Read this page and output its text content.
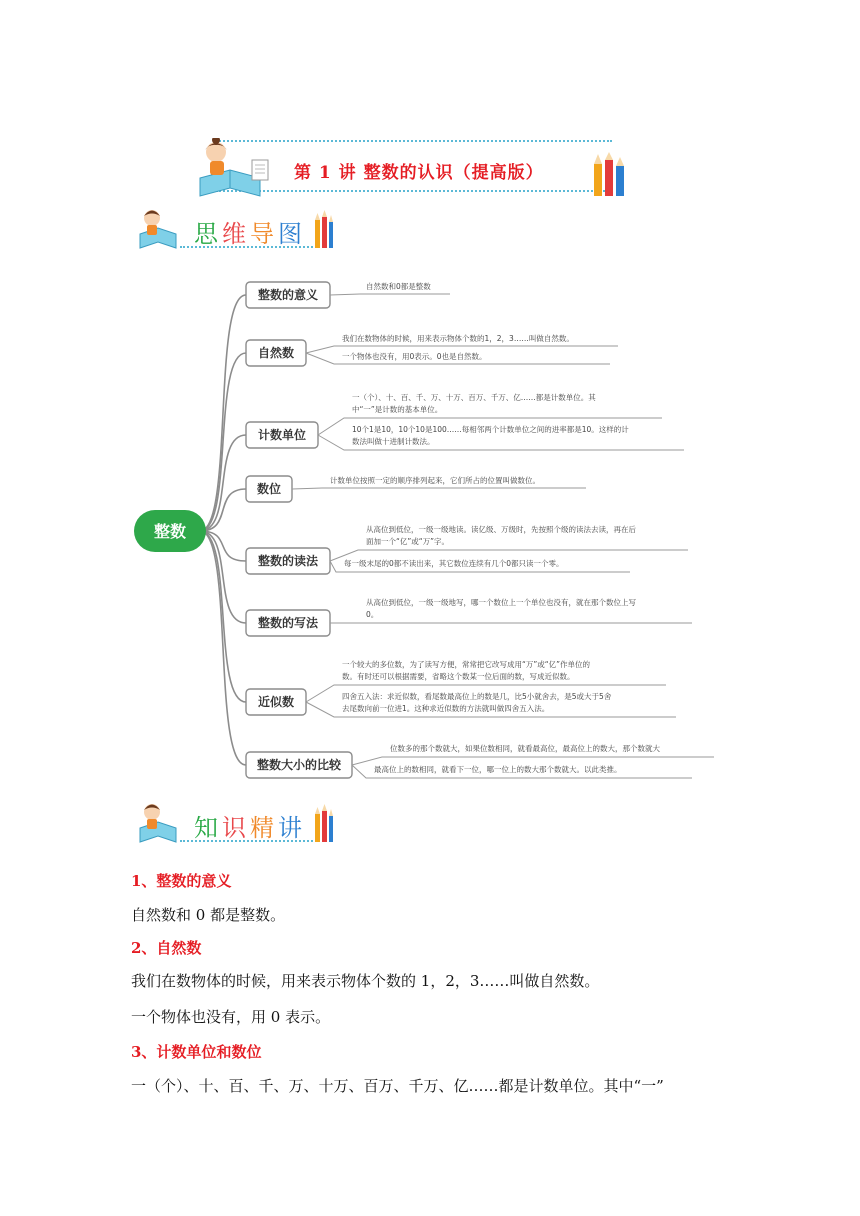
第 1 讲 整数的认识（提高版）
思维导图
整数的意义
自然数和0都是整数
自然数
我们在数物体的时候，用来表示物体个数的1，2，3……叫做自然数。
一个物体也没有，用0表示。0也是自然数。
计数单位
一（个）、十、百、千、万、十万、百万、千万、亿……都是计数单位。其
中“一”是计数的基本单位。
10个1是10，10个10是100……每相邻两个计数单位之间的进率都是10。这样的计
数法叫做十进制计数法。
数位
计数单位按照一定的顺序排列起来，它们所占的位置叫做数位。
整数的读法
从高位到低位，一级一级地读。读亿级、万级时，先按照个级的读法去读，再在后
面加一个“亿”或“万”字。
每一级末尾的0都不读出来，其它数位连续有几个0都只读一个零。
整数的写法
从高位到低位，一级一级地写，哪一个数位上一个单位也没有，就在那个数位上写
0。
近似数
一个较大的多位数，为了读写方便，常常把它改写成用“万”或“亿”作单位的
数。有时还可以根据需要，省略这个数某一位后面的数，写成近似数。
四舍五入法：求近似数，看尾数最高位上的数是几，比5小就舍去，是5或大于5舍
去尾数向前一位进1。这种求近似数的方法就叫做四舍五入法。
整数大小的比较
位数多的那个数就大，如果位数相同，就看最高位，最高位上的数大，那个数就大
最高位上的数相同，就看下一位，哪一位上的数大那个数就大。以此类推。
整数
知识精讲
1、整数的意义
自然数和 0 都是整数。
2、自然数
我们在数物体的时候，用来表示物体个数的 1，2，3……叫做自然数。
一个物体也没有，用 0 表示。
3、计数单位和数位
一（个）、十、百、千、万、十万、百万、千万、亿……都是计数单位。其中“一”
